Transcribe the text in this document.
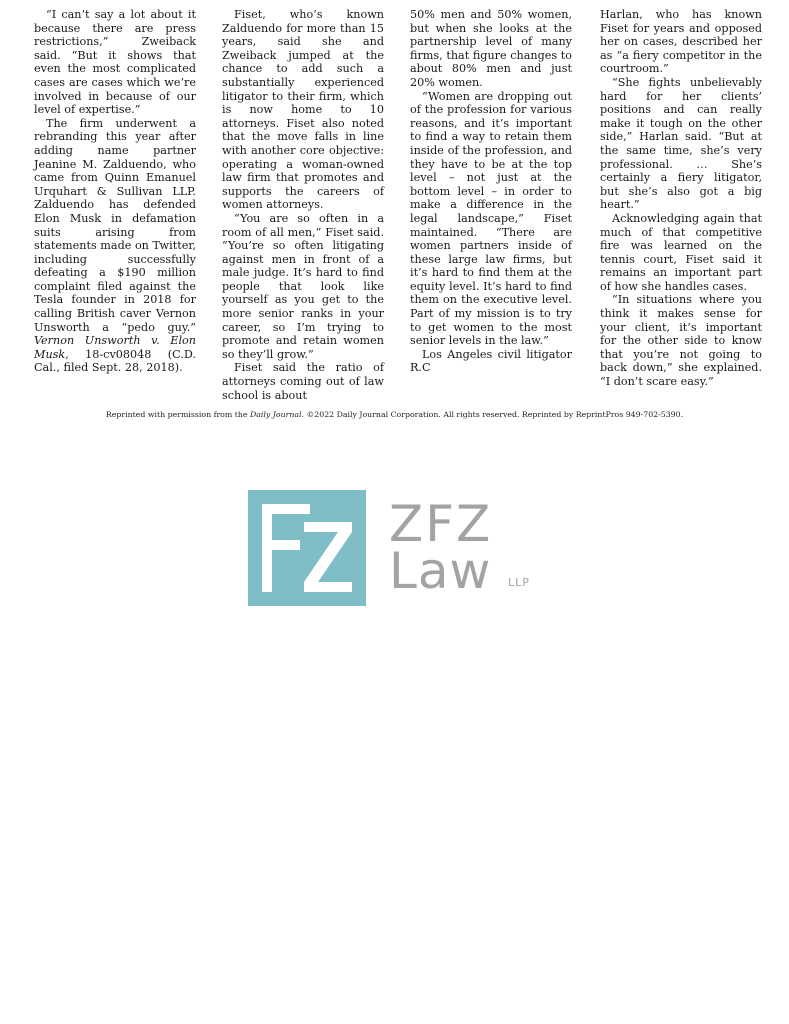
“I can’t say a lot about it because there are press restrictions,” Zweiback said. “But it shows that even the most complicated cases are cases which we’re involved in because of our level of expertise.”

The firm underwent a rebranding this year after adding name partner Jeanine M. Zalduendo, who came from Quinn Emanuel Urquhart & Sullivan LLP. Zalduendo has defended Elon Musk in defamation suits arising from statements made on Twitter, including successfully defeating a $190 million complaint filed against the Tesla founder in 2018 for calling British caver Vernon Unsworth a “pedo guy.” Vernon Unsworth v. Elon Musk, 18-cv08048 (C.D. Cal., filed Sept. 28, 2018).

Fiset, who’s known Zalduendo for more than 15 years, said she and Zweiback jumped at the chance to add such a substantially experienced litigator to their firm, which is now home to 10 attorneys. Fiset also noted that the move falls in line with another core objective: operating a woman-owned law firm that promotes and supports the careers of women attorneys.

“You are so often in a room of all men,” Fiset said. “You’re so often litigating against men in front of a male judge. It’s hard to find people that look like yourself as you get to the more senior ranks in your career, so I’m trying to promote and retain women so they’ll grow.”

Fiset said the ratio of attorneys coming out of law school is about

50% men and 50% women, but when she looks at the partnership level of many firms, that figure changes to about 80% men and just 20% women.

“Women are dropping out of the profession for various reasons, and it’s important to find a way to retain them inside of the profession, and they have to be at the top level – not just at the bottom level – in order to make a difference in the legal landscape,” Fiset maintained. “There are women partners inside of these large law firms, but it’s hard to find them at the equity level. It’s hard to find them on the executive level. Part of my mission is to try to get women to the most senior levels in the law.”

Los Angeles civil litigator R.C

Harlan, who has known Fiset for years and opposed her on cases, described her as “a fiery competitor in the courtroom.”

“She fights unbelievably hard for her clients’ positions and can really make it tough on the other side,” Harlan said. “But at the same time, she’s very professional. … She’s certainly a fiery litigator, but she’s also got a big heart.”

Acknowledging again that much of that competitive fire was learned on the tennis court, Fiset said it remains an important part of how she handles cases.

“In situations where you think it makes sense for your client, it’s important for the other side to know that you’re not going to back down,” she explained. “I don’t scare easy.”

Reprinted with permission from the Daily Journal. ©2022 Daily Journal Corporation. All rights reserved. Reprinted by ReprintPros 949-702-5390.
ZFZ
Law LLP
